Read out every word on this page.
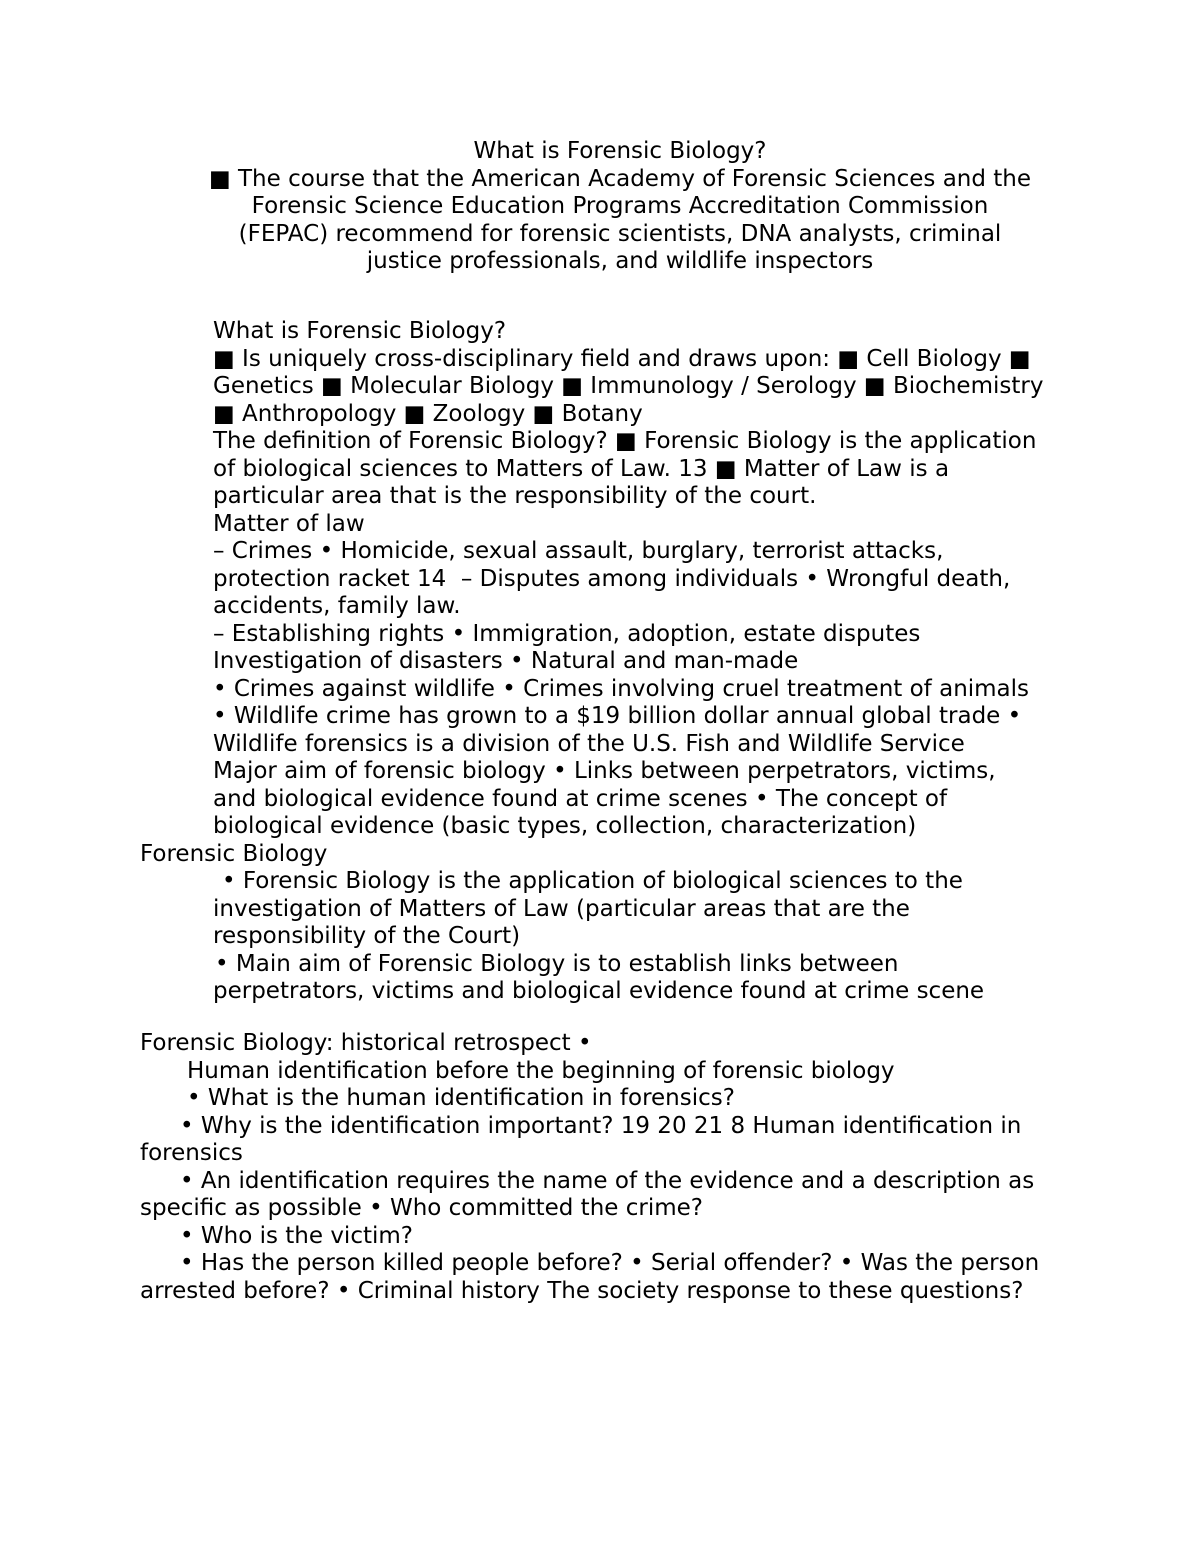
What is Forensic Biology?
■ The course that the American Academy of Forensic Sciences and the
Forensic Science Education Programs Accreditation Commission
(FEPAC) recommend for forensic scientists, DNA analysts, criminal
justice professionals, and wildlife inspectors
What is Forensic Biology?
■ Is uniquely cross-disciplinary field and draws upon: ■ Cell Biology ■
Genetics ■ Molecular Biology ■ Immunology / Serology ■ Biochemistry
■ Anthropology ■ Zoology ■ Botany
The definition of Forensic Biology? ■ Forensic Biology is the application
of biological sciences to Matters of Law. 13 ■ Matter of Law is a
particular area that is the responsibility of the court.
Matter of law
– Crimes • Homicide, sexual assault, burglary, terrorist attacks,
protection racket 14  – Disputes among individuals • Wrongful death,
accidents, family law.
– Establishing rights • Immigration, adoption, estate disputes
Investigation of disasters • Natural and man-made
• Crimes against wildlife • Crimes involving cruel treatment of animals
• Wildlife crime has grown to a $19 billion dollar annual global trade •
Wildlife forensics is a division of the U.S. Fish and Wildlife Service
Major aim of forensic biology • Links between perpetrators, victims,
and biological evidence found at crime scenes • The concept of
biological evidence (basic types, collection, characterization)
Forensic Biology
• Forensic Biology is the application of biological sciences to the
investigation of Matters of Law (particular areas that are the
responsibility of the Court)
• Main aim of Forensic Biology is to establish links between
perpetrators, victims and biological evidence found at crime scene
Forensic Biology: historical retrospect •
Human identification before the beginning of forensic biology
• What is the human identification in forensics?
• Why is the identification important? 19 20 21 8 Human identification in
forensics
• An identification requires the name of the evidence and a description as
specific as possible • Who committed the crime?
• Who is the victim?
• Has the person killed people before? • Serial offender? • Was the person
arrested before? • Criminal history The society response to these questions?
